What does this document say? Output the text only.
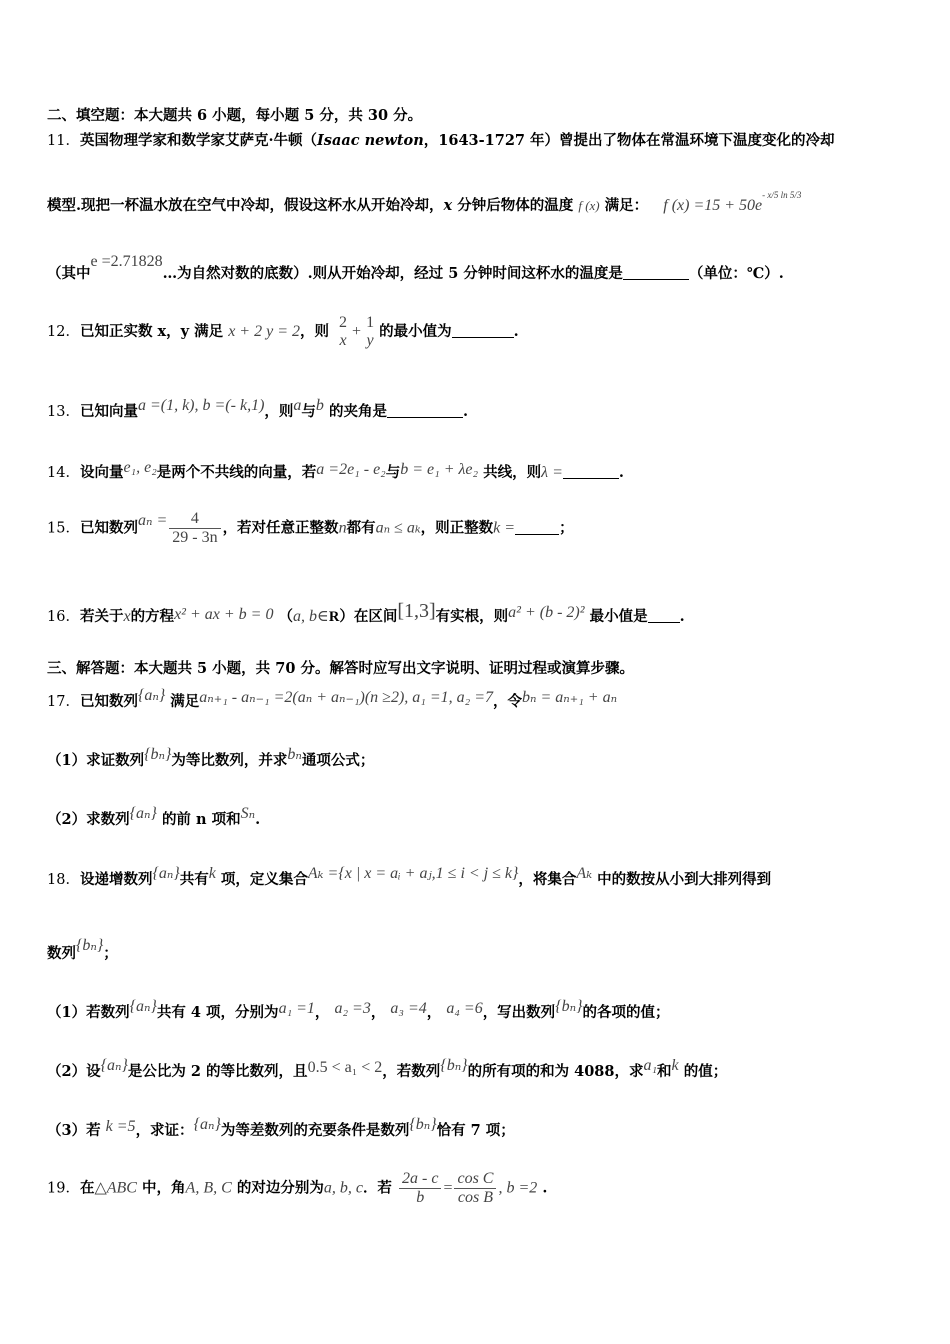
二、填空题：本大题共 6 小题，每小题 5 分，共 30 分。
11．英国物理学家和数学家艾萨克·牛顿（Isaac newton，1643-1727 年）曾提出了物体在常温环境下温度变化的冷却
模型.现把一杯温水放在空气中冷却，假设这杯水从开始冷却，x 分钟后物体的温度 f (x) 满足： f $(x) =15 + 50e^{- x/5 ln 5/3}$
（其中e =2.71828…为自然对数的底数）.则从开始冷却，经过 5 分钟时间这杯水的温度是	（单位：℃）.
12．已知正实数 x，y 满足 x + 2 y = 2，则
2
x
+
1
y
的最小值为	.
13．已知向量a =(1, k), b =(- k,1)，则a与b 的夹角是	.
14．设向量e₁, e₂是两个不共线的向量，若a =2e₁ - e₂与b = e₁ + λe₂ 共线，则λ =	.
15．已知数列$a_n = \frac{4}{29 - 3n}$ ，若对任意正整数n都有aₙ ≤ aₖ，则正整数k =	；
16．若关于x的方程x² + ax + b = 0 （a, b∈R）在区间[1,3]有实根，则a² + (b - 2)² 最小值是 .
三、解答题：本大题共 5 小题，共 70 分。解答时应写出文字说明、证明过程或演算步骤。
17．已知数列{aₙ} 满足aₙ₊₁ - aₙ₋₁ =2(aₙ + aₙ₋₁)(n ≥2), a₁ =1, a₂ =7，令bₙ = aₙ₊₁ + aₙ
（1）求证数列{bₙ}为等比数列，并求bₙ通项公式；
（2）求数列{aₙ} 的前 n 项和Sₙ.
18．设递增数列{aₙ}共有k 项，定义集合Aₖ ={x | x = aᵢ + aⱼ,1 ≤ i < j ≤ k}，将集合Aₖ 中的数按从小到大排列得到
数列{bₙ}；
（1）若数列{aₙ}共有 4 项，分别为a₁ =1， a₂ =3， a₃ =4， a₄ =6，写出数列{bₙ}的各项的值；
（2）设{aₙ}是公比为 2 的等比数列，且0.5 < a₁ < 2，若数列{bₙ}的所有项的和为 4088，求a₁和k 的值；
（3）若 k =5，求证：{aₙ}为等差数列的充要条件是数列{bₙ}恰有 7 项；
19．在△ABC 中，角A, B, C 的对边分别为a, b, c．若 $\frac{2a - c}{b} = \frac{\text{cos C}}{\text{cos B}}$ , b =2 .
